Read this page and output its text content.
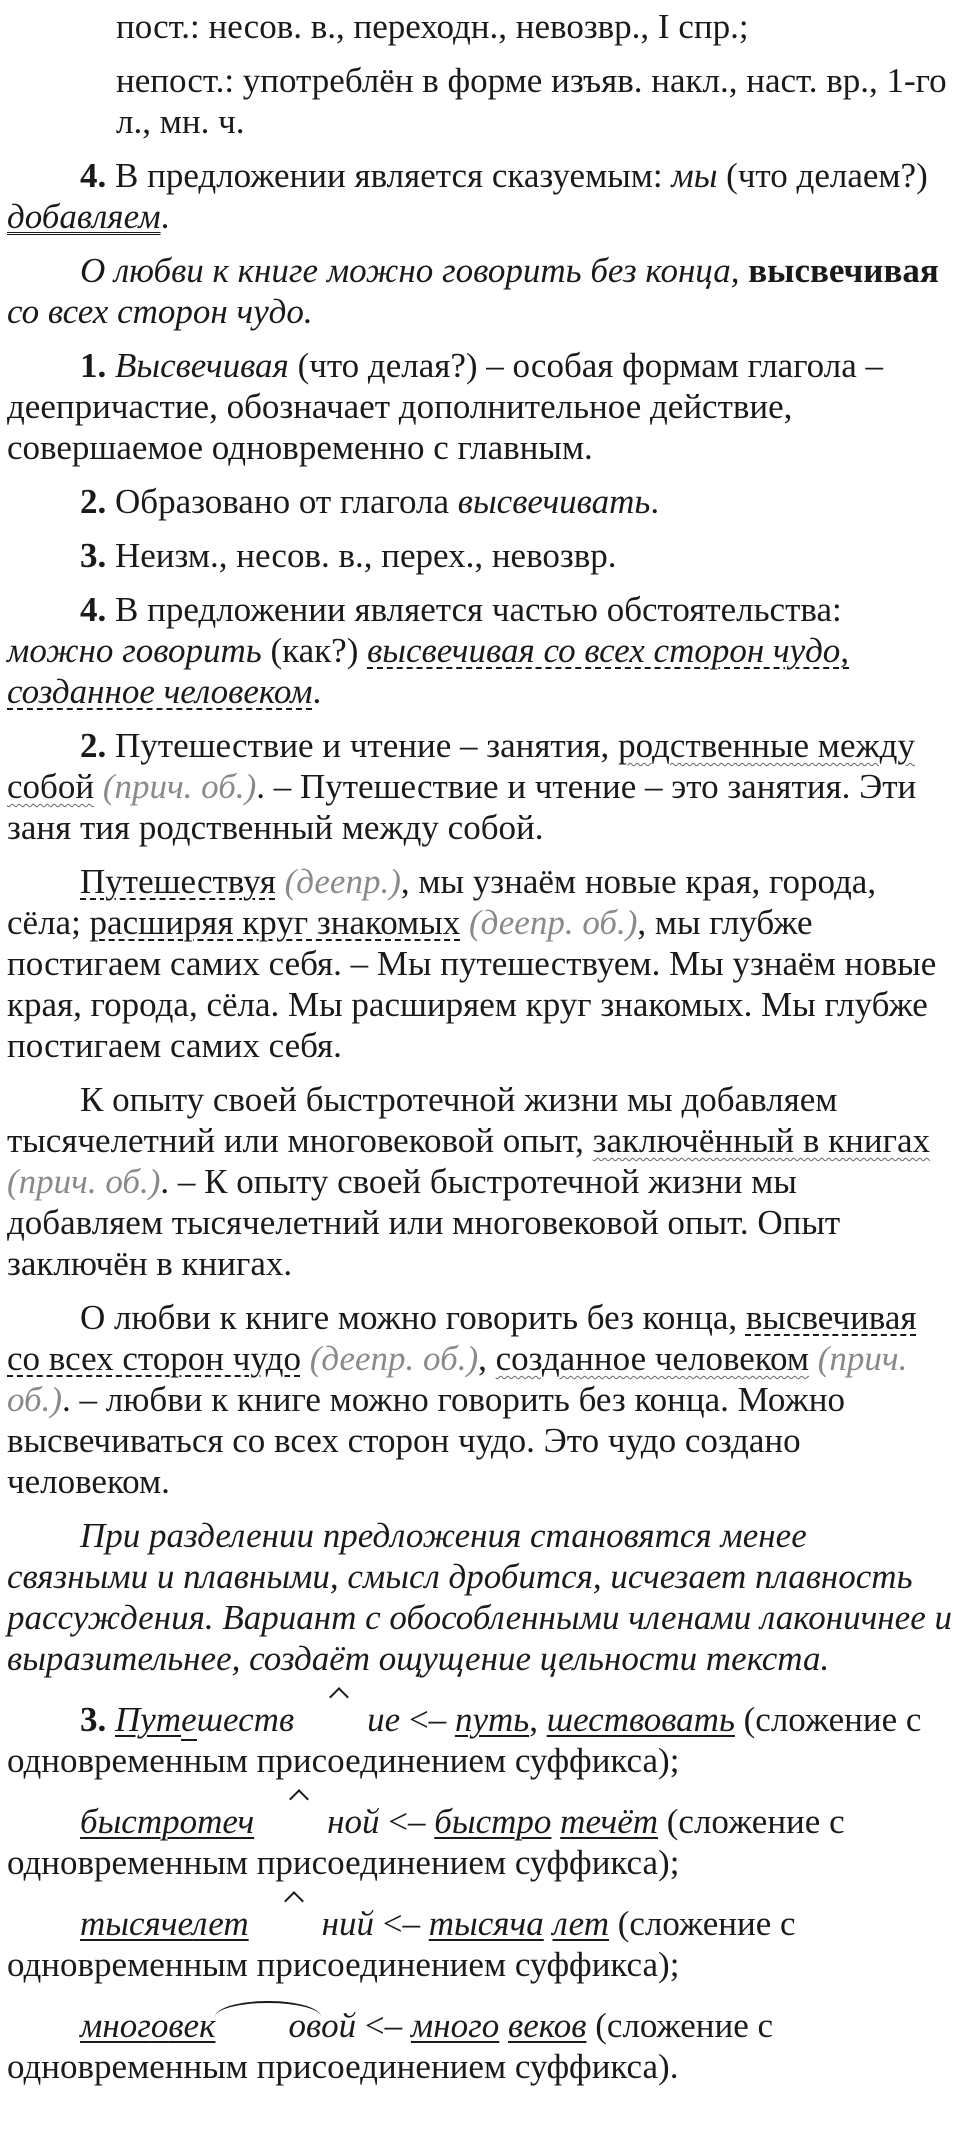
пост.: несов. в., переходн., невозвр., I спр.;

непост.: употреблён в форме изъяв. накл., наст. вр., 1-го л., мн. ч.

4. В предложении является сказуемым: мы (что делаем?) добавляем.

О любви к книге можно говорить без конца, высвечивая со всех сторон чудо.

1. Высвечивая (что делая?) – особая формам глагола – деепричастие, обозначает дополнительное действие, совершаемое одновременно с главным.

2. Образовано от глагола высвечивать.

3. Неизм., несов. в., перех., невозвр.

4. В предложении является частью обстоятельства: можно говорить (как?) высвечивая со всех сторон чудо, созданное человеком.

2. Путешествие и чтение – занятия, родственные между собой (прич. об.). – Путешествие и чтение – это занятия. Эти заня тия родственный между собой.

Путешествуя (деепр.), мы узнаём новые края, города, сёла; расширяя круг знакомых (деепр. об.), мы глубже постигаем самих себя. – Мы путешествуем. Мы узнаём новые края, города, сёла. Мы расширяем круг знакомых. Мы глубже постигаем самих себя.

К опыту своей быстротечной жизни мы добавляем тысячелетний или многовековой опыт, заключённый в книгах (прич. об.). – К опыту своей быстротечной жизни мы добавляем тысячелетний или многовековой опыт. Опыт заключён в книгах.

О любви к книге можно говорить без конца, высвечивая со всех сторон чудо (деепр. об.), созданное человеком (прич. об.). – любви к книге можно говорить без конца. Можно высвечиваться со всех сторон чудо. Это чудо создано человеком.

При разделении предложения становятся менее связными и плавными, смысл дробится, исчезает плавность рассуждения. Вариант с обособленными членами лаконичнее и выразительнее, создаёт ощущение цельности текста.

3. Путешеств ие <– путь, шествовать (сложение с одновременным присоединением суффикса);

быстротеч ной <– быстро течёт (сложение с одновременным присоединением суффикса);

тысячелет ний <– тысяча лет (сложение с одновременным присоединением суффикса);

многовек овой <– много веков (сложение с одновременным присоединением суффикса).
